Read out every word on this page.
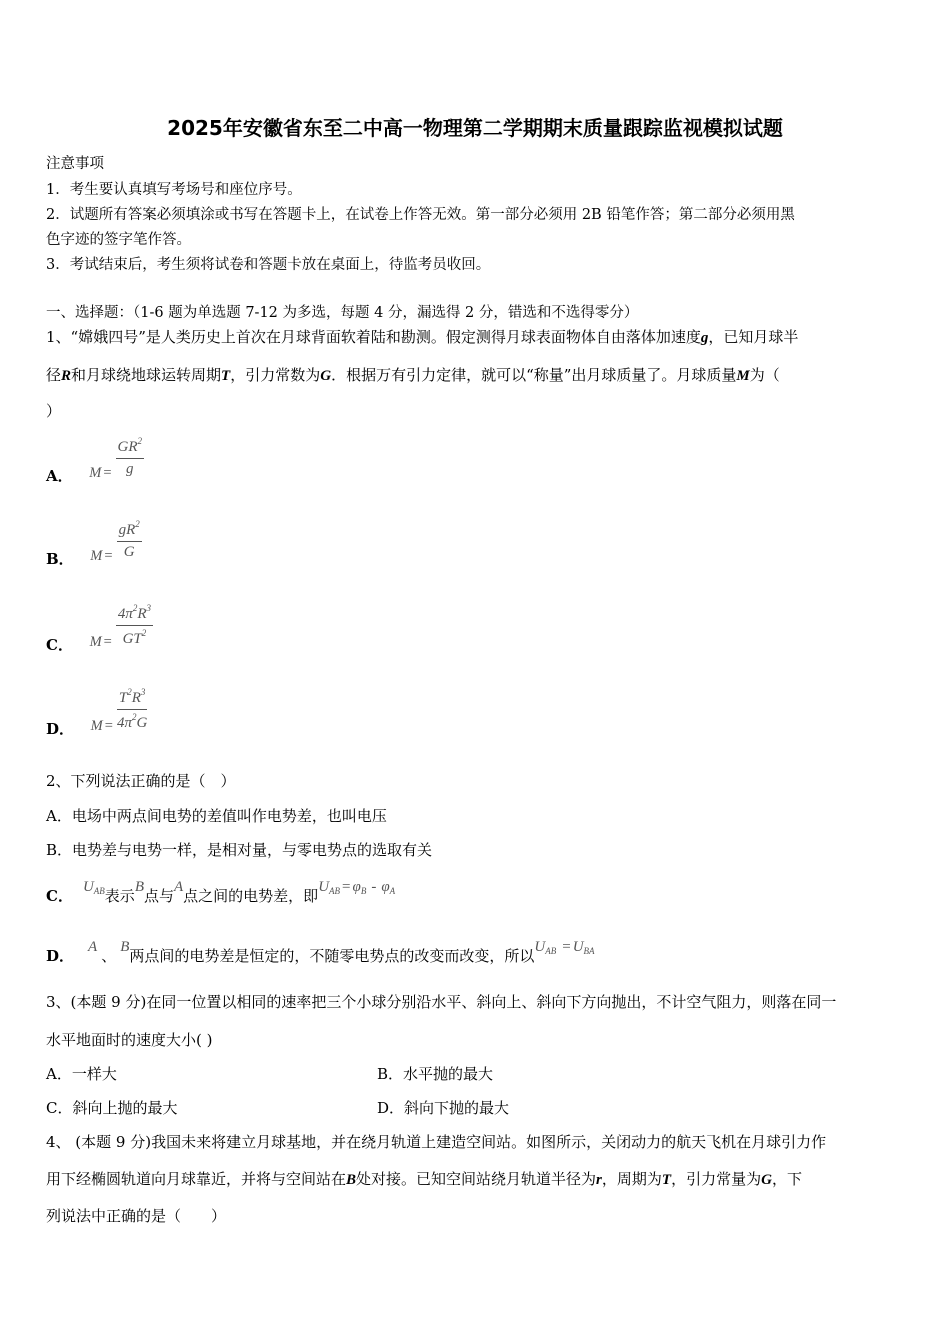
2025年安徽省东至二中高一物理第二学期期末质量跟踪监视模拟试题
注意事项
1．考生要认真填写考场号和座位序号。
2．试题所有答案必须填涂或书写在答题卡上，在试卷上作答无效。第一部分必须用 2B 铅笔作答；第二部分必须用黑
色字迹的签字笔作答。
3．考试结束后，考生须将试卷和答题卡放在桌面上，待监考员收回。
一、选择题：（1-6 题为单选题 7-12 为多选，每题 4 分，漏选得 2 分，错选和不选得零分）
1、“嫦娥四号”是人类历史上首次在月球背面软着陆和勘测。假定测得月球表面物体自由落体加速度g，已知月球半
径R和月球绕地球运转周期T，引力常数为G．根据万有引力定律，就可以“称量”出月球质量了。月球质量M为（
）
A． $M = \frac{GR^2}{g}$
B． $M = \frac{gR^2}{G}$
C． $M = \frac{4\pi^2R^3}{GT^2}$
D． $M = \frac{T^2R^3}{4\pi^2G}$
2、下列说法正确的是（　）
A．电场中两点间电势的差值叫作电势差，也叫电压
B．电势差与电势一样，是相对量，与零电势点的选取有关
C． $U_{AB}$表示B点与A点之间的电势差，即$U_{AB} = \varphi_B - \varphi_A$
D． A 、 B两点间的电势差是恒定的，不随零电势点的改变而改变，所以$U_{AB} = U_{BA}$
3、(本题 9 分)在同一位置以相同的速率把三个小球分别沿水平、斜向上、斜向下方向抛出，不计空气阻力，则落在同一
水平地面时的速度大小( )
A．一样大	B．水平抛的最大
C．斜向上抛的最大	D．斜向下抛的最大
4、 (本题 9 分)我国未来将建立月球基地，并在绕月轨道上建造空间站。如图所示，关闭动力的航天飞机在月球引力作
用下经椭圆轨道向月球靠近，并将与空间站在B处对接。已知空间站绕月轨道半径为r，周期为T，引力常量为G，下
列说法中正确的是（　　）
